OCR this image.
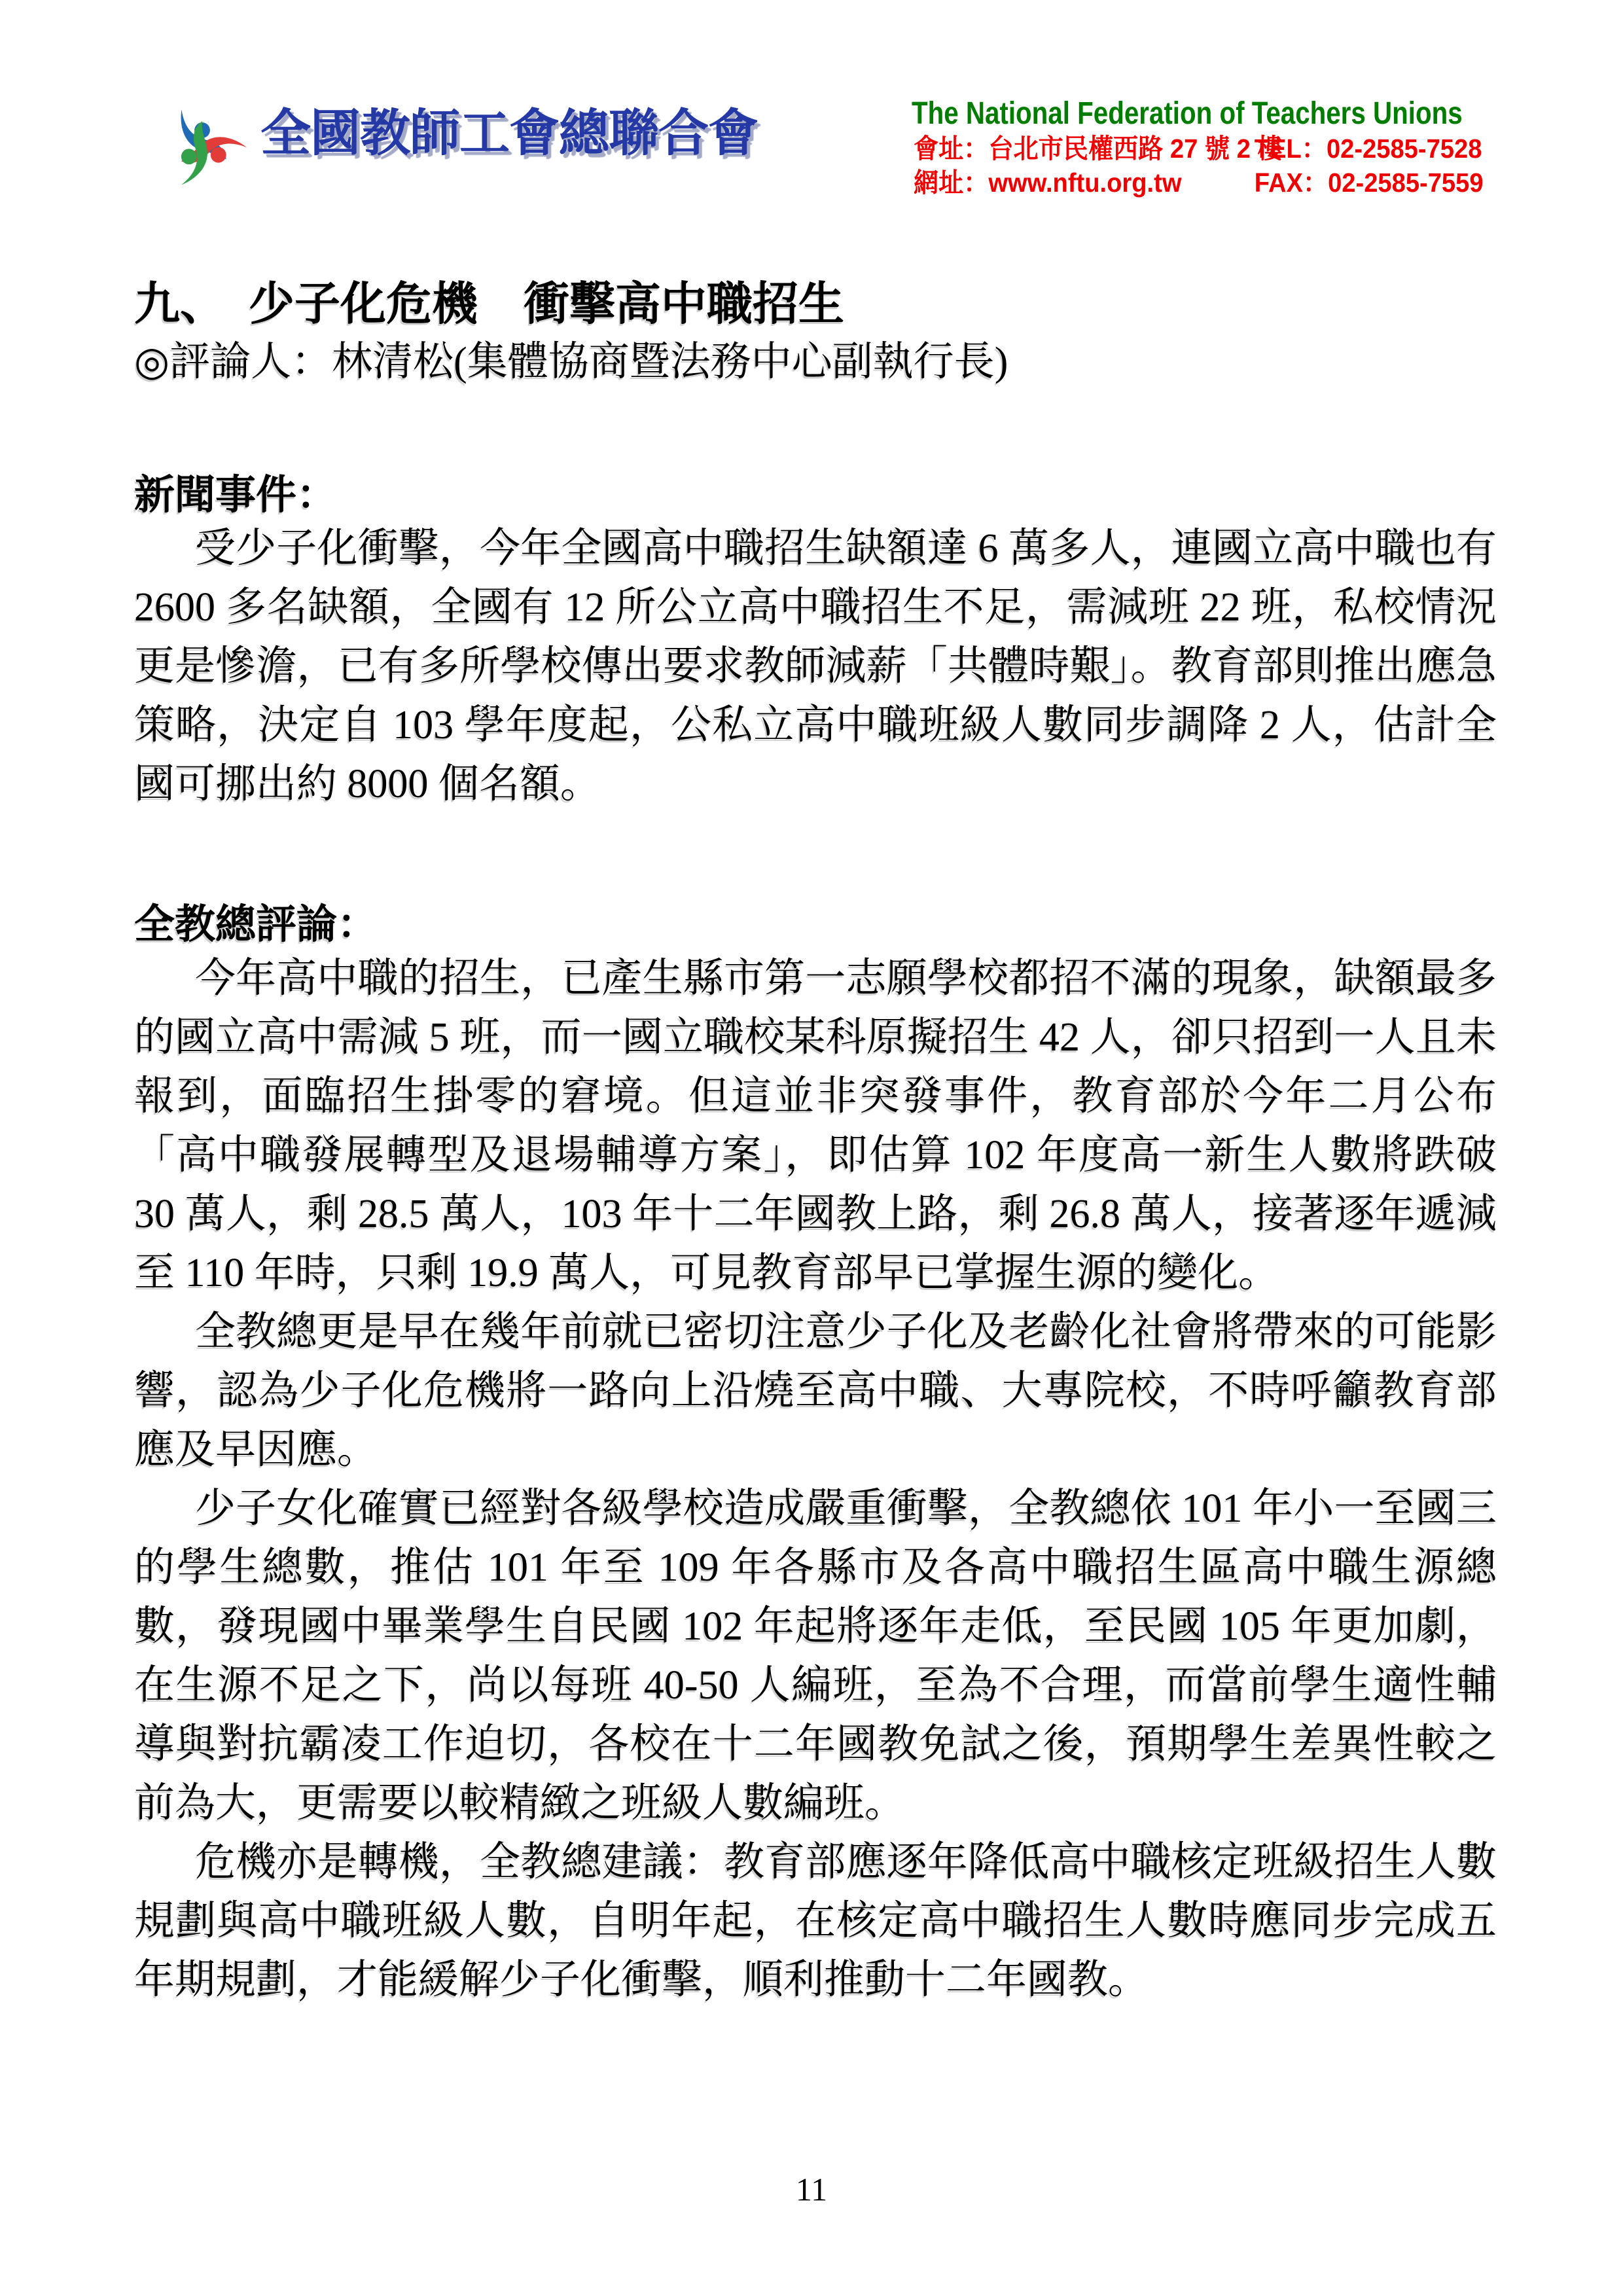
全國教師工會總聯合會	The National Federation of Teachers Unions
會址：台北市民權西路 27 號 2 樓
TEL：02-2585-7528
網址：www.nftu.org.tw	FAX：02-2585-7559
九、　少子化危機　衝擊高中職招生
◎評論人：林清松(集體協商暨法務中心副執行長)
新聞事件：

受少子化衝擊，今年全國高中職招生缺額達 6 萬多人，連國立高中職也有 2600 多名缺額，全國有 12 所公立高中職招生不足，需減班 22 班，私校情況更是慘澹，已有多所學校傳出要求教師減薪「共體時艱」。教育部則推出應急策略，決定自 103 學年度起，公私立高中職班級人數同步調降 2 人，估計全國可挪出約 8000 個名額。

全教總評論：

今年高中職的招生，已產生縣市第一志願學校都招不滿的現象，缺額最多的國立高中需減 5 班，而一國立職校某科原擬招生 42 人，卻只招到一人且未報到，面臨招生掛零的窘境。但這並非突發事件，教育部於今年二月公布「高中職發展轉型及退場輔導方案」，即估算 102 年度高一新生人數將跌破 30 萬人，剩 28.5 萬人，103 年十二年國教上路，剩 26.8 萬人，接著逐年遞減至 110 年時，只剩 19.9 萬人，可見教育部早已掌握生源的變化。

全教總更是早在幾年前就已密切注意少子化及老齡化社會將帶來的可能影響，認為少子化危機將一路向上沿燒至高中職、大專院校，不時呼籲教育部應及早因應。

少子女化確實已經對各級學校造成嚴重衝擊，全教總依 101 年小一至國三的學生總數，推估 101 年至 109 年各縣市及各高中職招生區高中職生源總數，發現國中畢業學生自民國 102 年起將逐年走低，至民國 105 年更加劇，在生源不足之下，尚以每班 40-50 人編班，至為不合理，而當前學生適性輔導與對抗霸凌工作迫切，各校在十二年國教免試之後，預期學生差異性較之前為大，更需要以較精緻之班級人數編班。

危機亦是轉機，全教總建議：教育部應逐年降低高中職核定班級招生人數規劃與高中職班級人數，自明年起，在核定高中職招生人數時應同步完成五年期規劃，才能緩解少子化衝擊，順利推動十二年國教。

11
